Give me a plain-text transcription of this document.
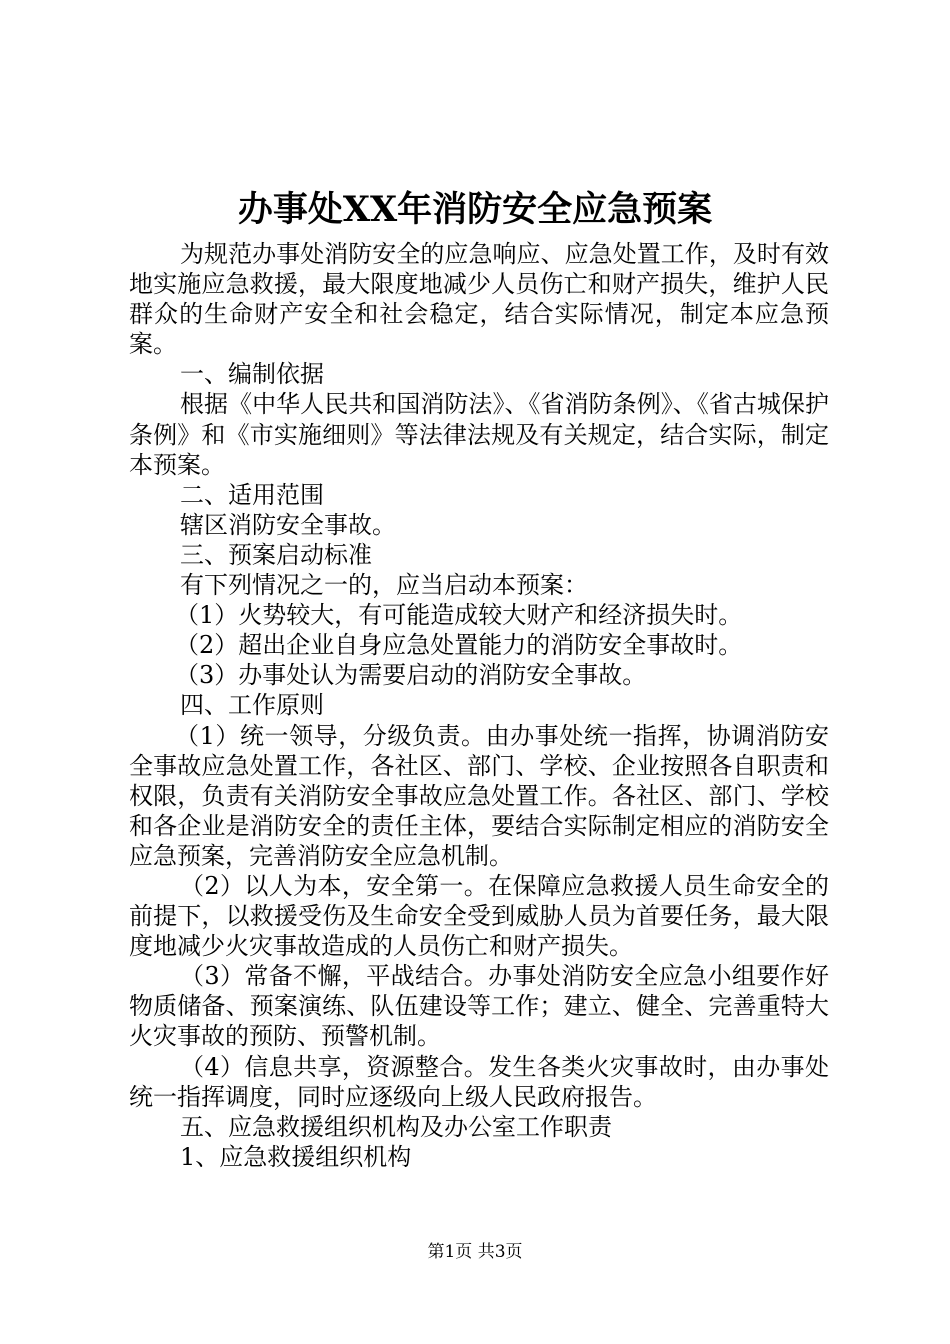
办事处XX年消防安全应急预案

为规范办事处消防安全的应急响应、应急处置工作，及时有效地实施应急救援，最大限度地减少人员伤亡和财产损失，维护人民群众的生命财产安全和社会稳定，结合实际情况，制定本应急预案。

一、编制依据

根据《中华人民共和国消防法》、《省消防条例》、《省古城保护条例》和《市实施细则》等法律法规及有关规定，结合实际，制定本预案。

二、适用范围

辖区消防安全事故。

三、预案启动标准

有下列情况之一的，应当启动本预案：

（1）火势较大，有可能造成较大财产和经济损失时。

（2）超出企业自身应急处置能力的消防安全事故时。

（3）办事处认为需要启动的消防安全事故。

四、工作原则

（1）统一领导，分级负责。由办事处统一指挥，协调消防安全事故应急处置工作，各社区、部门、学校、企业按照各自职责和权限，负责有关消防安全事故应急处置工作。各社区、部门、学校和各企业是消防安全的责任主体，要结合实际制定相应的消防安全应急预案，完善消防安全应急机制。

（2）以人为本，安全第一。在保障应急救援人员生命安全的前提下，以救援受伤及生命安全受到威胁人员为首要任务，最大限度地减少火灾事故造成的人员伤亡和财产损失。

（3）常备不懈，平战结合。办事处消防安全应急小组要作好物质储备、预案演练、队伍建设等工作；建立、健全、完善重特大火灾事故的预防、预警机制。

（4）信息共享，资源整合。发生各类火灾事故时，由办事处统一指挥调度，同时应逐级向上级人民政府报告。

五、应急救援组织机构及办公室工作职责

1、应急救援组织机构

第1页 共3页
